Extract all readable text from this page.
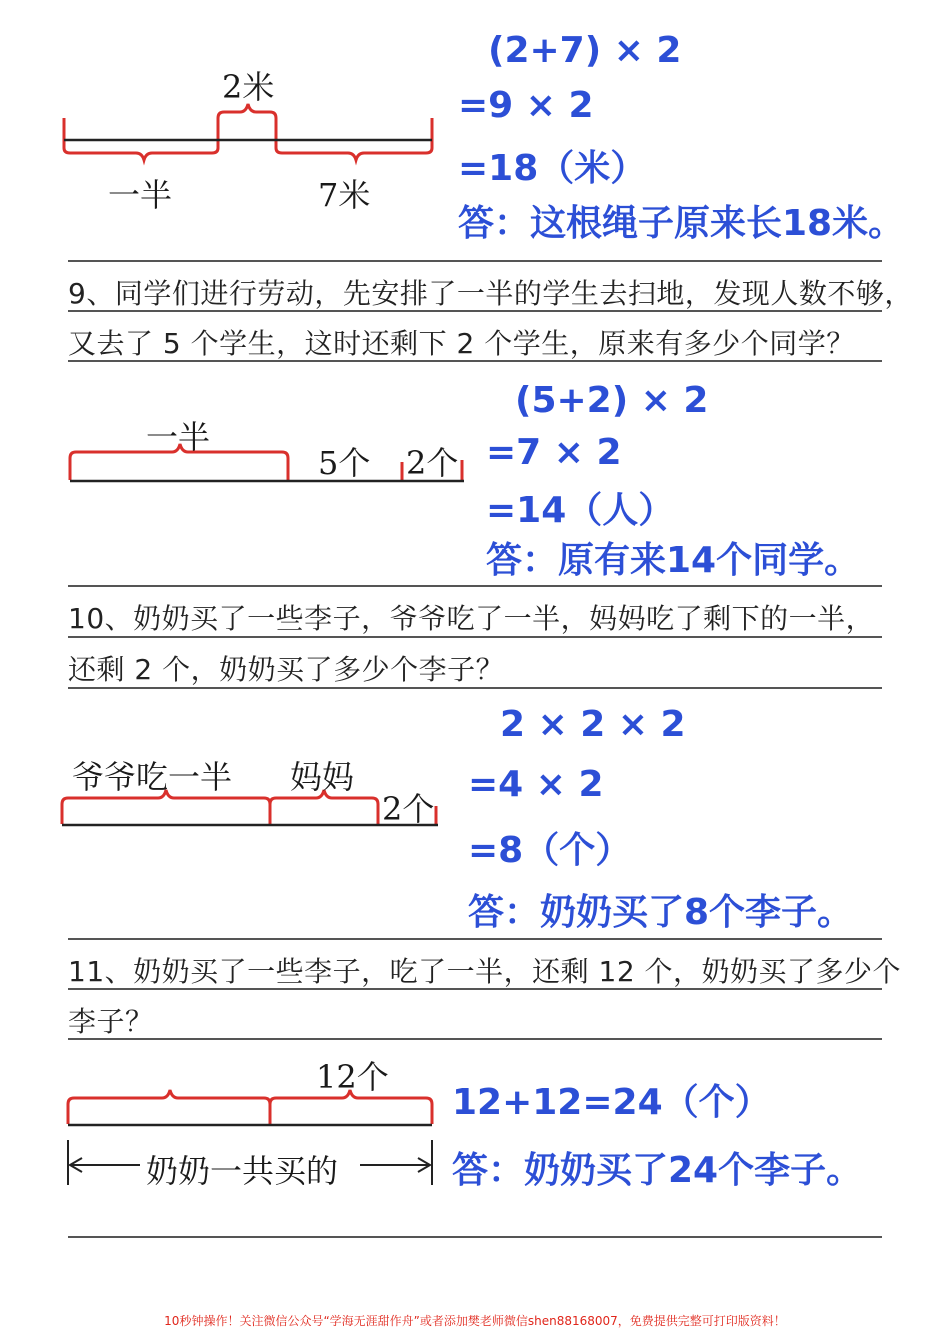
2米
一半	7米
(2+7) × 2
=9 × 2
=18（米）
答：这根绳子原来长18米。
9、同学们进行劳动，先安排了一半的学生去扫地，发现人数不够，
又去了 5 个学生，这时还剩下 2 个学生，原来有多少个同学？
一半
5个 2个
(5+2) × 2
=7 × 2
=14（人）
答：原有来14个同学。
10、奶奶买了一些李子，爷爷吃了一半，妈妈吃了剩下的一半，
还剩 2 个，奶奶买了多少个李子？
爷爷吃一半 妈妈
2个
2 × 2 × 2
=4 × 2
=8（个）
答：奶奶买了8个李子。
11、奶奶买了一些李子，吃了一半，还剩 12 个，奶奶买了多少个
李子？
12个
奶奶一共买的
12+12=24（个）
答：奶奶买了24个李子。
10秒钟操作！关注微信公众号“学海无涯甜作舟”或者添加樊老师微信shen88168007，免费提供完整可打印版资料！
